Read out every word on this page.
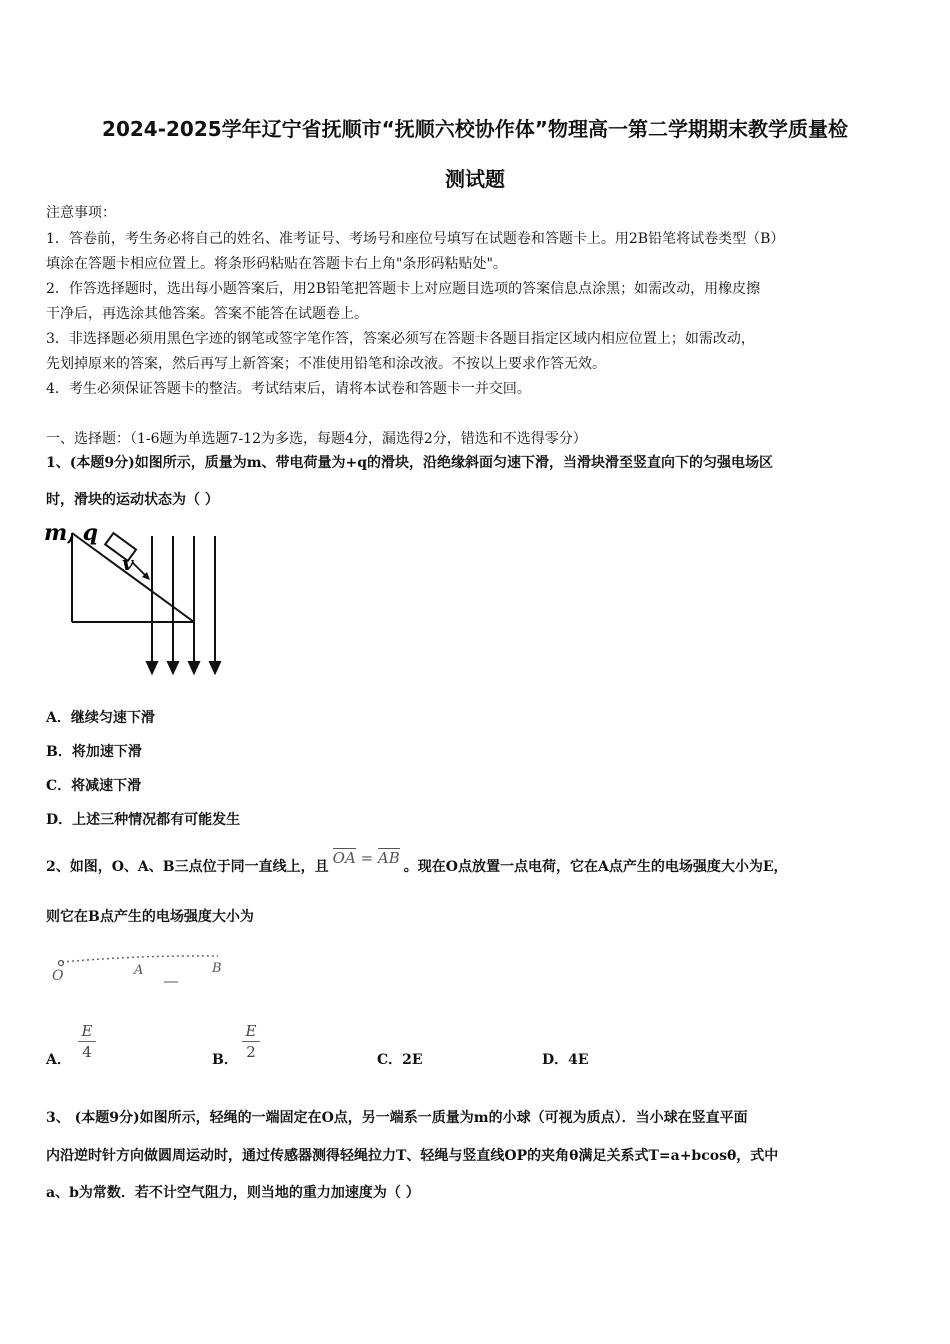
2024-2025学年辽宁省抚顺市“抚顺六校协作体”物理高一第二学期期末教学质量检
测试题
注意事项：
1．答卷前，考生务必将自己的姓名、准考证号、考场号和座位号填写在试题卷和答题卡上。用2B铅笔将试卷类型（B）
填涂在答题卡相应位置上。将条形码粘贴在答题卡右上角"条形码粘贴处"。
2．作答选择题时，选出每小题答案后，用2B铅笔把答题卡上对应题目选项的答案信息点涂黑；如需改动，用橡皮擦
干净后，再选涂其他答案。答案不能答在试题卷上。
3．非选择题必须用黑色字迹的钢笔或签字笔作答，答案必须写在答题卡各题目指定区域内相应位置上；如需改动，
先划掉原来的答案，然后再写上新答案；不准使用铅笔和涂改液。不按以上要求作答无效。
4．考生必须保证答题卡的整洁。考试结束后，请将本试卷和答题卡一并交回。
一、选择题：（1-6题为单选题7-12为多选，每题4分，漏选得2分，错选和不选得零分）
1、(本题9分)如图所示，质量为m、带电荷量为+q的滑块，沿绝缘斜面匀速下滑，当滑块滑至竖直向下的匀强电场区
时，滑块的运动状态为（ ）
m, q
v
A．继续匀速下滑
B．将加速下滑
C．将减速下滑
D．上述三种情况都有可能发生
2、如图，O、A、B三点位于同一直线上，且 OA = AB 。现在O点放置一点电荷，它在A点产生的电场强度大小为E，
则它在B点产生的电场强度大小为
O	A	B
A． $\frac{E}{4}$	B． $\frac{E}{2}$	C．2E	D．4E
3、 (本题9分)如图所示，轻绳的一端固定在O点，另一端系一质量为m的小球（可视为质点）．当小球在竖直平面
内沿逆时针方向做圆周运动时，通过传感器测得轻绳拉力T、轻绳与竖直线OP的夹角θ满足关系式T=a+bcosθ，式中
a、b为常数．若不计空气阻力，则当地的重力加速度为（ ）
